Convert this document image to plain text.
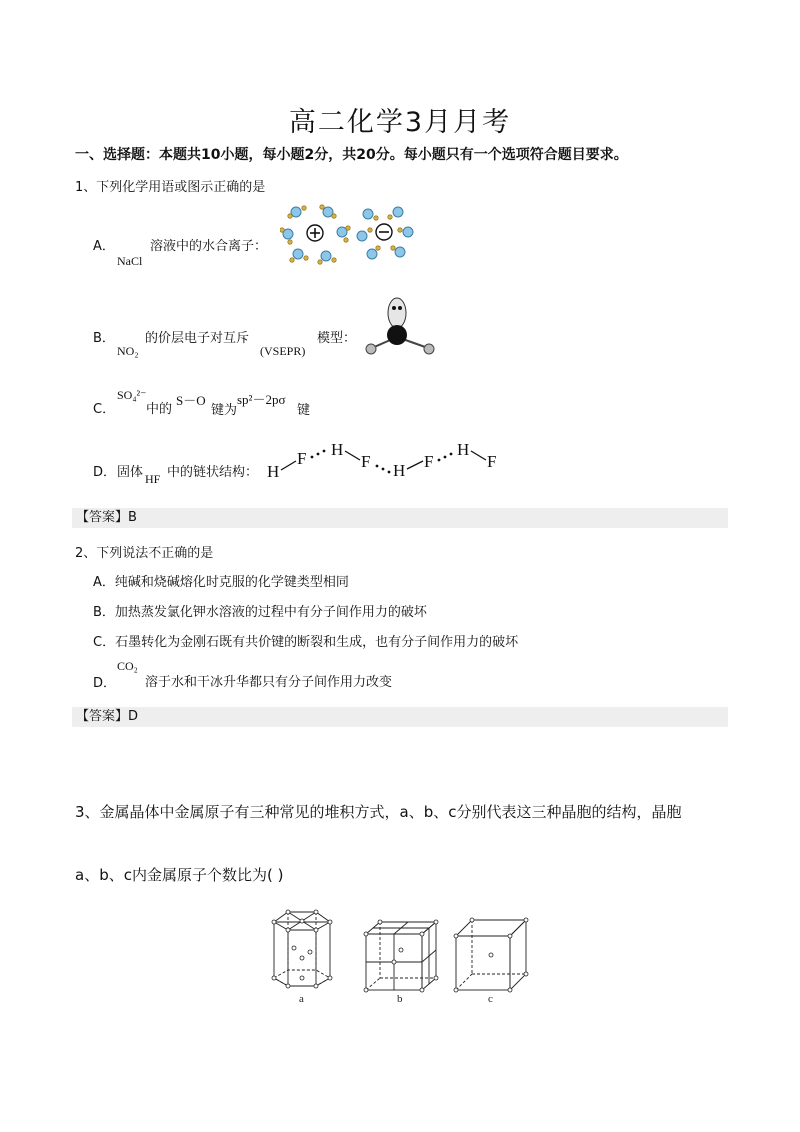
高二化学3月月考
一、选择题：本题共10小题，每小题2分，共20分。每小题只有一个选项符合题目要求。
1、下列化学用语或图示正确的是
A．
NaCl
溶液中的水合离子：
B．
NO₂
的价层电子对互斥
(VSEPR)
模型：
C．
SO₄²⁻
中的
S－O
键为
sp²－2pσ
键
D． 固体 HF 中的链状结构： H
F H
F H F
H
F
【答案】B
2、下列说法不正确的是
A．纯碱和烧碱熔化时克服的化学键类型相同
B．加热蒸发氯化钾水溶液的过程中有分子间作用力的破坏
C．石墨转化为金刚石既有共价键的断裂和生成，也有分子间作用力的破坏
D．
CO₂
溶于水和干冰升华都只有分子间作用力改变
【答案】D
3、金属晶体中金属原子有三种常见的堆积方式，a、b、c分别代表这三种晶胞的结构，晶胞
a、b、c内金属原子个数比为( )
a	b	c
